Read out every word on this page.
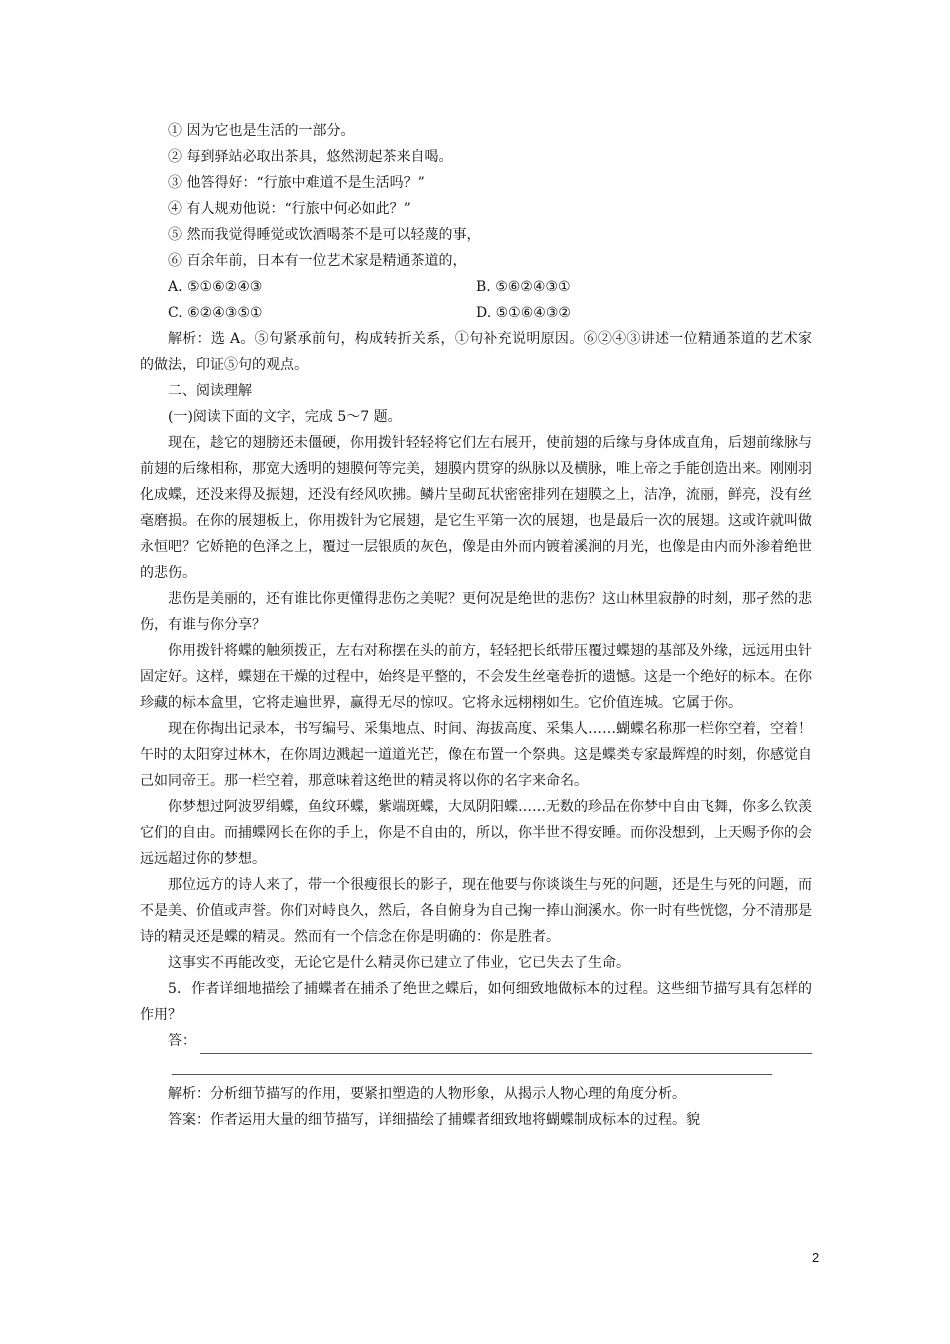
① 因为它也是生活的一部分。
② 每到驿站必取出茶具，悠然沏起茶来自喝。
③ 他答得好：“行旅中难道不是生活吗？”
④ 有人规劝他说：“行旅中何必如此？”
⑤ 然而我觉得睡觉或饮酒喝茶不是可以轻蔑的事，
⑥ 百余年前，日本有一位艺术家是精通茶道的，
A. ⑤①⑥②④③	B. ⑤⑥②④③①
C. ⑥②④③⑤①	D. ⑤①⑥④③②

解析：选 A。⑤句紧承前句，构成转折关系，①句补充说明原因。⑥②④③讲述一位精通茶道的艺术家的做法，印证⑤句的观点。

二、阅读理解
(一)阅读下面的文字，完成 5～7 题。

现在，趁它的翅膀还未僵硬，你用拨针轻轻将它们左右展开，使前翅的后缘与身体成直角，后翅前缘脉与前翅的后缘相称，那宽大透明的翅膜何等完美，翅膜内贯穿的纵脉以及横脉，唯上帝之手能创造出来。刚刚羽化成蝶，还没来得及振翅，还没有经风吹拂。鳞片呈砌瓦状密密排列在翅膜之上，洁净，流丽，鲜亮，没有丝毫磨损。在你的展翅板上，你用拨针为它展翅，是它生平第一次的展翅，也是最后一次的展翅。这或许就叫做永恒吧？它娇艳的色泽之上，覆过一层银质的灰色，像是由外而内镀着溪涧的月光，也像是由内而外渗着绝世的悲伤。

悲伤是美丽的，还有谁比你更懂得悲伤之美呢？更何况是绝世的悲伤？这山林里寂静的时刻，那孑然的悲伤，有谁与你分享？

你用拨针将蝶的触须拨正，左右对称摆在头的前方，轻轻把长纸带压覆过蝶翅的基部及外缘，远远用虫针固定好。这样，蝶翅在干燥的过程中，始终是平整的，不会发生丝毫卷折的遗憾。这是一个绝好的标本。在你珍藏的标本盒里，它将走遍世界，赢得无尽的惊叹。它将永远栩栩如生。它价值连城。它属于你。

现在你掏出记录本，书写编号、采集地点、时间、海拔高度、采集人……蝴蝶名称那一栏你空着，空着！午时的太阳穿过林木，在你周边溅起一道道光芒，像在布置一个祭典。这是蝶类专家最辉煌的时刻，你感觉自己如同帝王。那一栏空着，那意味着这绝世的精灵将以你的名字来命名。

你梦想过阿波罗绢蝶，鱼纹环蝶，紫端斑蝶，大凤阴阳蝶……无数的珍品在你梦中自由飞舞，你多么钦羡它们的自由。而捕蝶网长在你的手上，你是不自由的，所以，你半世不得安睡。而你没想到，上天赐予你的会远远超过你的梦想。

那位远方的诗人来了，带一个很瘦很长的影子，现在他要与你谈谈生与死的问题，还是生与死的问题，而不是美、价值或声誉。你们对峙良久，然后，各自俯身为自己掬一捧山涧溪水。你一时有些恍惚，分不清那是诗的精灵还是蝶的精灵。然而有一个信念在你是明确的：你是胜者。

这事实不再能改变，无论它是什么精灵你已建立了伟业，它已失去了生命。

5．作者详细地描绘了捕蝶者在捕杀了绝世之蝶后，如何细致地做标本的过程。这些细节描写具有怎样的作用？

答：

解析：分析细节描写的作用，要紧扣塑造的人物形象，从揭示人物心理的角度分析。

答案：作者运用大量的细节描写，详细描绘了捕蝶者细致地将蝴蝶制成标本的过程。貌

2
